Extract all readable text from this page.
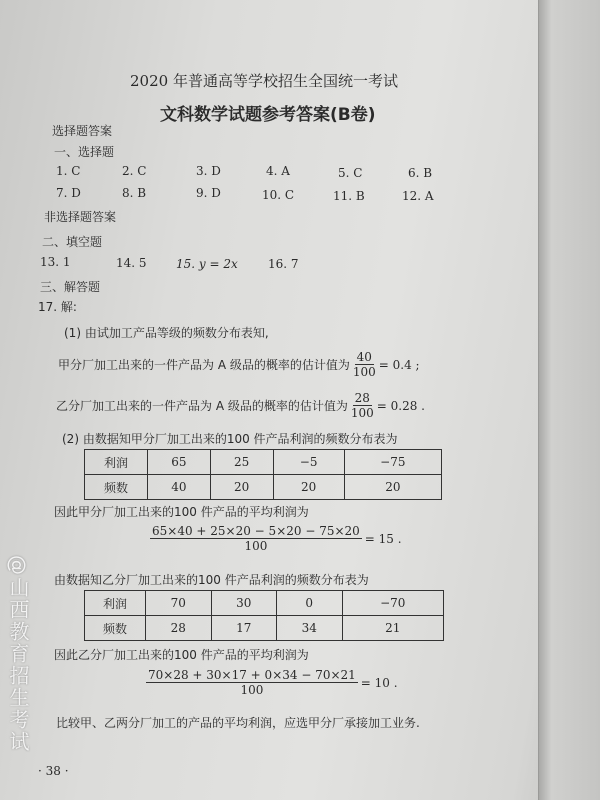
2020 年普通高等学校招生全国统一考试
文科数学试题参考答案(B卷)
选择题答案
一、选择题
1. C	2. C	3. D	4. A	5. C	6. B
7. D	8. B	9. D	10. C	11. B	12. A
非选择题答案
二、填空题
13. 1	14. 5 15. y = 2x	16. 7
三、解答题
17. 解:
(1) 由试加工产品等级的频数分布表知,
甲分厂加工出来的一件产品为 A 级品的概率的估计值为 $\frac{40}{100} = 0.4$ ;
乙分厂加工出来的一件产品为 A 级品的概率的估计值为 $\frac{28}{100} = 0.28$ .
(2) 由数据知甲分厂加工出来的100 件产品利润的频数分布表为
利润	65	25	−5	−75
频数	40	20	20	20
因此甲分厂加工出来的100 件产品的平均利润为
$\frac{65\times 40 + 25\times 20 - 5\times 20 - 75\times 20}{100} = 15$ .
由数据知乙分厂加工出来的100 件产品利润的频数分布表为
利润	70	30	0	−70
频数	28	17	34	21
因此乙分厂加工出来的100 件产品的平均利润为
$\frac{70\times 28 + 30\times 17 + 0\times 34 - 70\times 21}{100} = 10$ .
比较甲、乙两分厂加工的产品的平均利润，应选甲分厂承接加工业务.
· 38 ·
@山西教育招生考试
